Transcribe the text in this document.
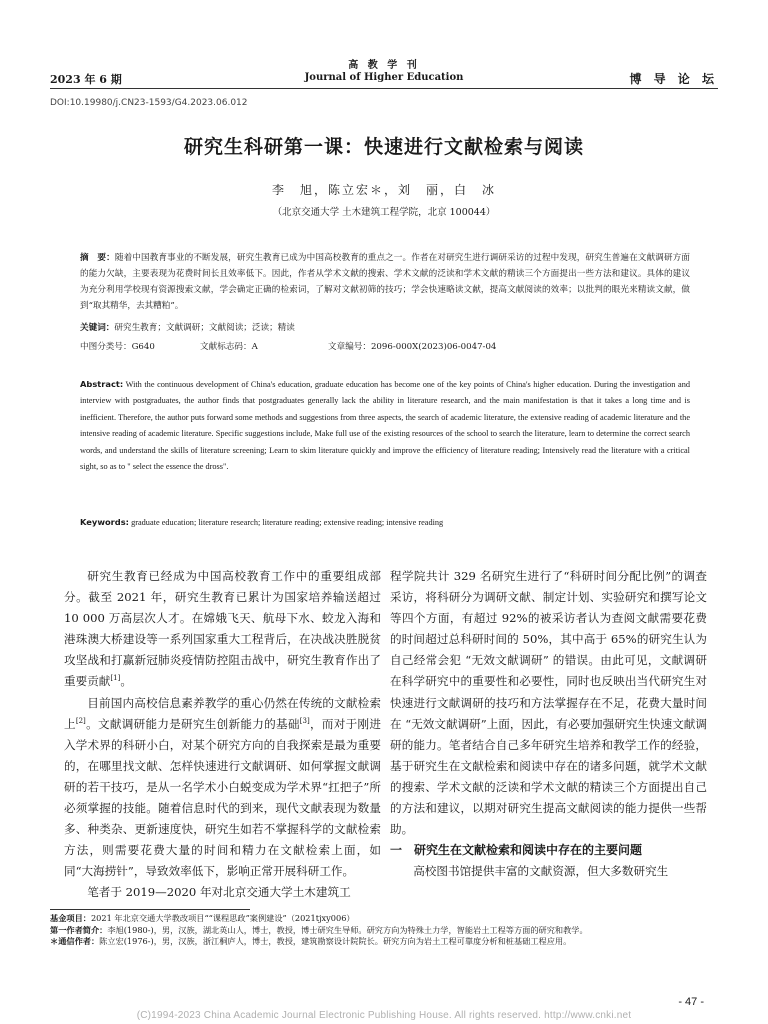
高 教 学 刊
2023 年 6 期	Journal of Higher Education	博 导 论 坛
DOI:10.19980/j.CN23-1593/G4.2023.06.012
研究生科研第一课：快速进行文献检索与阅读
李　旭，陈立宏＊，刘　丽，白　冰
（北京交通大学 土木建筑工程学院，北京 100044）
摘　要：随着中国教育事业的不断发展，研究生教育已成为中国高校教育的重点之一。作者在对研究生进行调研采访的过程中发现，研究生普遍在文献调研方面的能力欠缺，主要表现为花费时间长且效率低下。因此，作者从学术文献的搜索、学术文献的泛读和学术文献的精读三个方面提出一些方法和建议。具体的建议为充分利用学校现有资源搜索文献，学会确定正确的检索词，了解对文献初筛的技巧；学会快速略读文献，提高文献阅读的效率；以批判的眼光来精读文献，做到“取其精华，去其糟粕”。
关键词：研究生教育；文献调研；文献阅读；泛读；精读
中图分类号：G640	文献标志码：A	文章编号：2096-000X(2023)06-0047-04
Abstract: With the continuous development of China's education, graduate education has become one of the key points of China's higher education. During the investigation and interview with postgraduates, the author finds that postgraduates generally lack the ability in literature research, and the main manifestation is that it takes a long time and is inefficient. Therefore, the author puts forward some methods and suggestions from three aspects, the search of academic literature, the extensive reading of academic literature and the intensive reading of academic literature. Specific suggestions include, Make full use of the existing resources of the school to search the literature, learn to determine the correct search words, and understand the skills of literature screening; Learn to skim literature quickly and improve the efficiency of literature reading; Intensively read the literature with a critical sight, so as to " select the essence the dross".
Keywords: graduate education; literature research; literature reading; extensive reading; intensive reading

研究生教育已经成为中国高校教育工作中的重要组成部分。截至 2021 年，研究生教育已累计为国家培养输送超过 10 000 万高层次人才。在嫦娥飞天、航母下水、蛟龙入海和港珠澳大桥建设等一系列国家重大工程背后，在决战决胜脱贫攻坚战和打赢新冠肺炎疫情防控阻击战中，研究生教育作出了重要贡献[1]。

目前国内高校信息素养教学的重心仍然在传统的文献检索上[2]。文献调研能力是研究生创新能力的基础[3]，而对于刚进入学术界的科研小白，对某个研究方向的自我探索是最为重要的，在哪里找文献、怎样快速进行文献调研、如何掌握文献调研的若干技巧，是从一名学术小白蜕变成为学术界“扛把子”所必须掌握的技能。随着信息时代的到来，现代文献表现为数量多、种类杂、更新速度快，研究生如若不掌握科学的文献检索方法，则需要花费大量的时间和精力在文献检索上面，如同“大海捞针”，导致效率低下，影响正常开展科研工作。

笔者于 2019—2020 年对北京交通大学土木建筑工

程学院共计 329 名研究生进行了“科研时间分配比例”的调查采访，将科研分为调研文献、制定计划、实验研究和撰写论文等四个方面，有超过 92%的被采访者认为查阅文献需要花费的时间超过总科研时间的 50%，其中高于 65%的研究生认为自己经常会犯 “无效文献调研” 的错误。由此可见，文献调研在科学研究中的重要性和必要性，同时也反映出当代研究生对快速进行文献调研的技巧和方法掌握存在不足，花费大量时间在 “无效文献调研”上面，因此，有必要加强研究生快速文献调研的能力。笔者结合自己多年研究生培养和教学工作的经验，基于研究生在文献检索和阅读中存在的诸多问题，就学术文献的搜索、学术文献的泛读和学术文献的精读三个方面提出自己的方法和建议，以期对研究生提高文献阅读的能力提供一些帮助。

一　研究生在文献检索和阅读中存在的主要问题

高校图书馆提供丰富的文献资源，但大多数研究生

基金项目：2021 年北京交通大学教改项目““课程思政”案例建设”（2021tjxy006）
第一作者简介：李旭(1980-)，男，汉族，湖北英山人，博士，教授，博士研究生导师。研究方向为特殊土力学，智能岩土工程等方面的研究和教学。
＊通信作者：陈立宏(1976-)，男，汉族，浙江桐庐人，博士，教授，建筑勘察设计院院长。研究方向为岩土工程可靠度分析和桩基础工程应用。
- 47 -
(C)1994-2023 China Academic Journal Electronic Publishing House. All rights reserved. http://www.cnki.net
